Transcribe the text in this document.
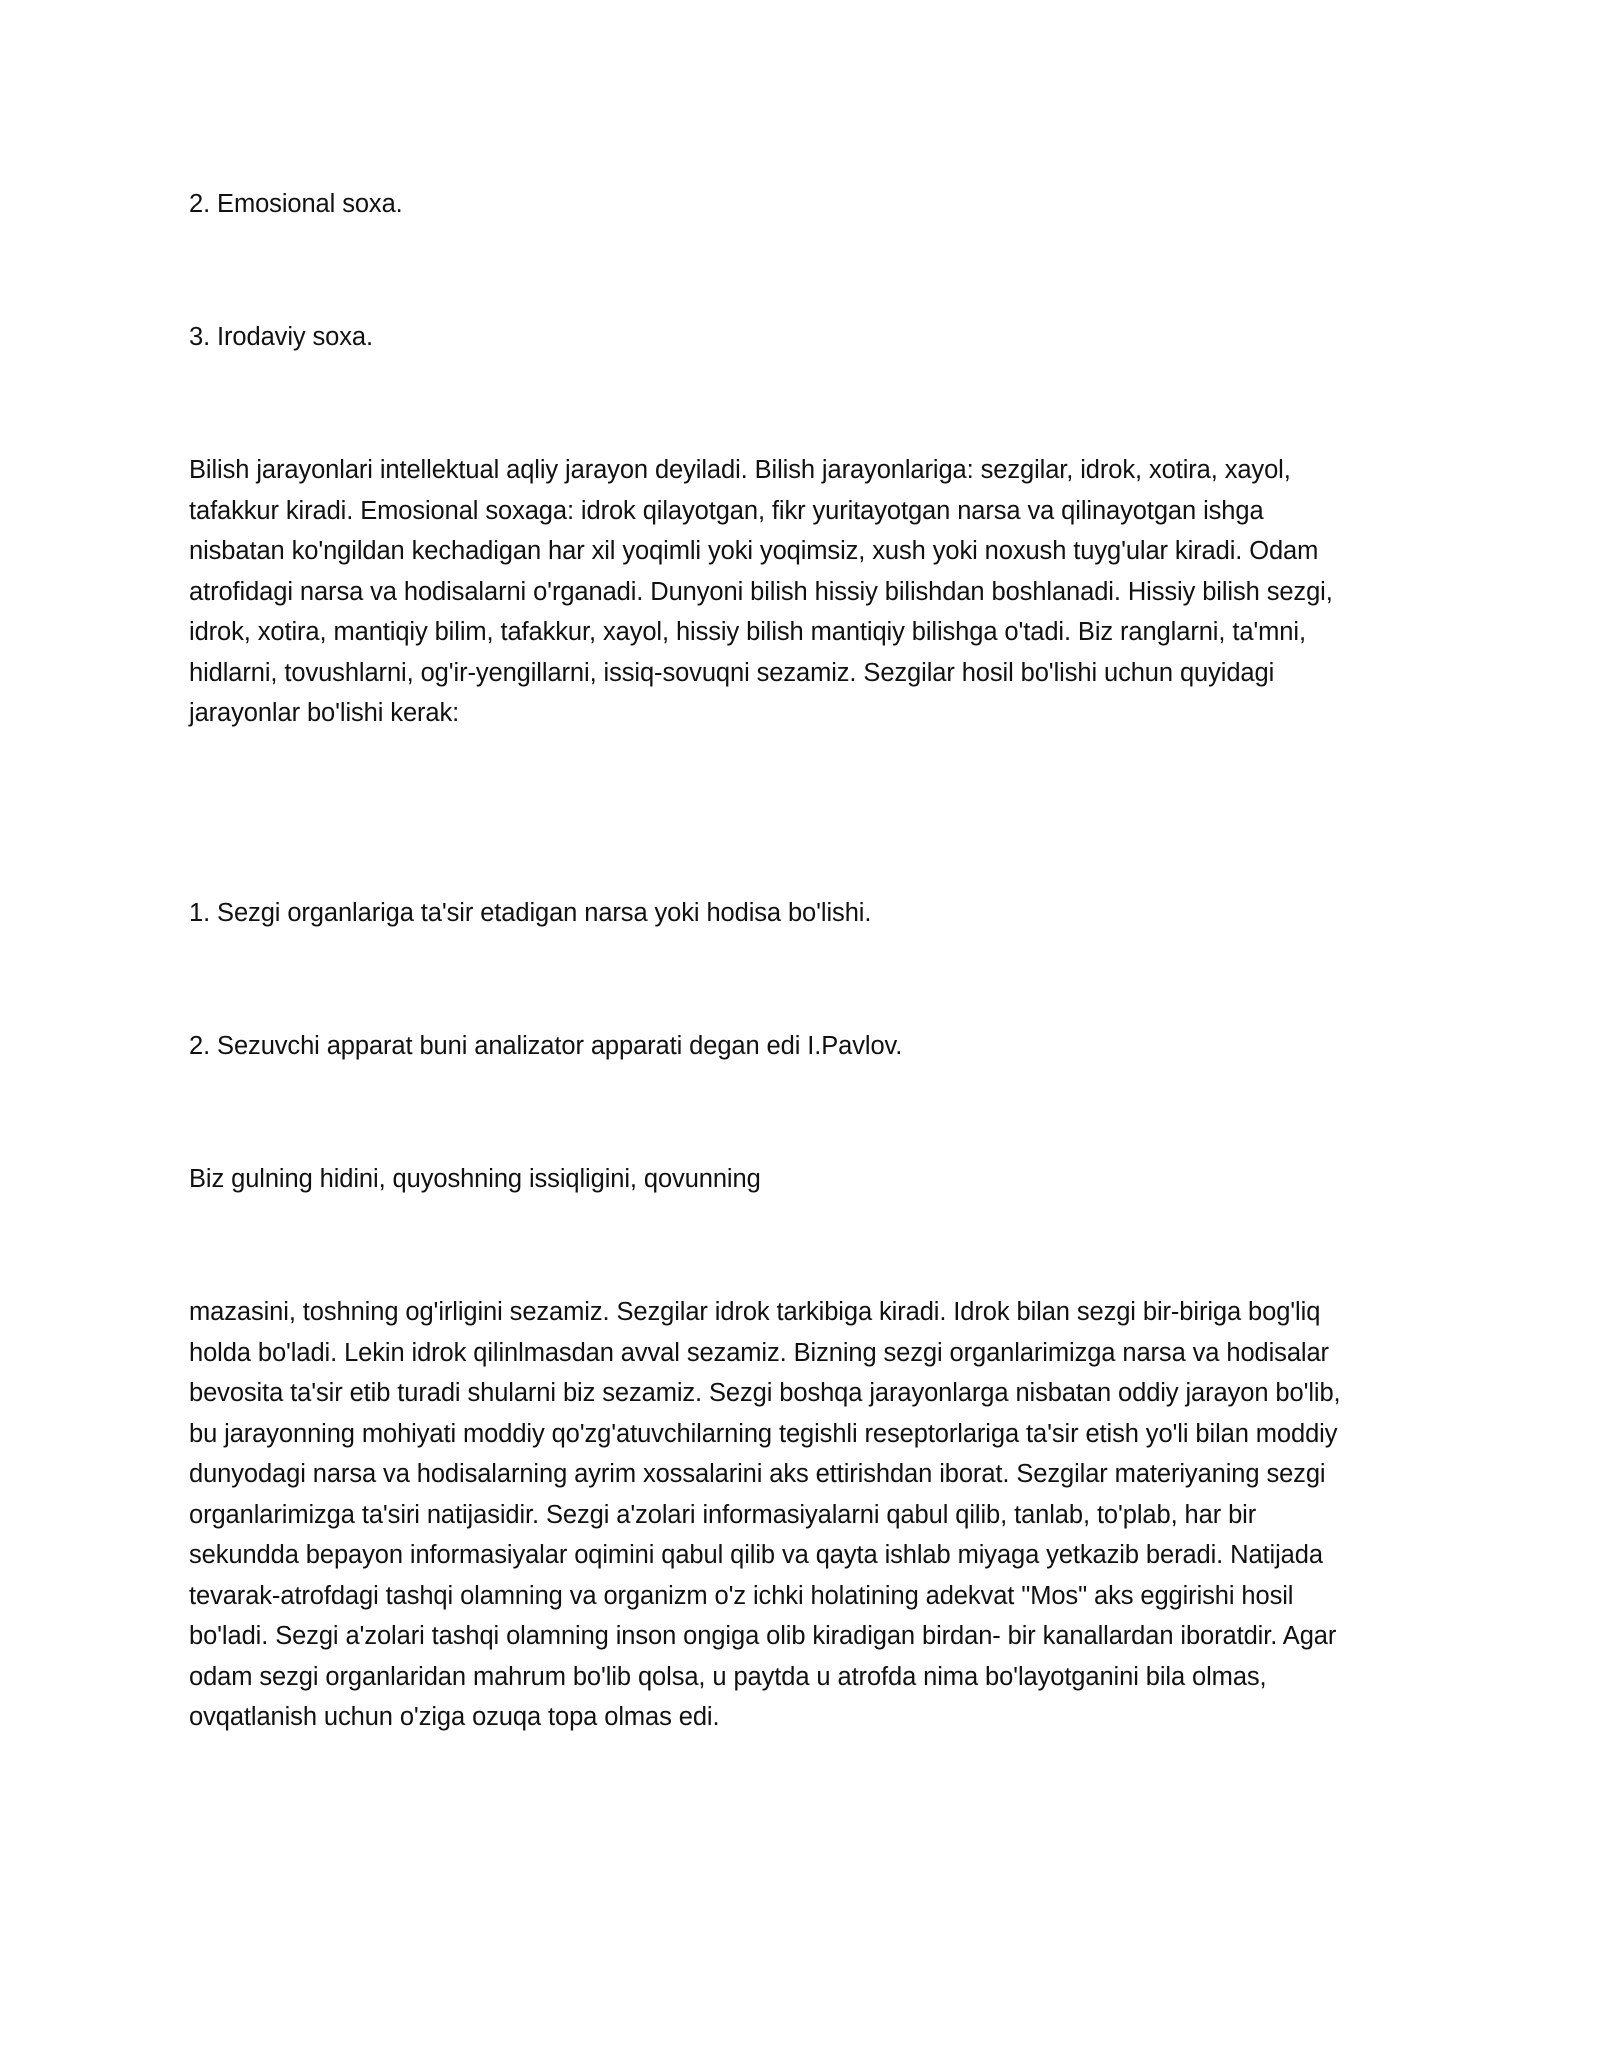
2. Emosional soxa.

3. Irodaviy soxa.

Bilish jarayonlari intellektual aqliy jarayon deyiladi. Bilish jarayonlariga: sezgilar, idrok, xotira, xayol,
tafakkur kiradi. Emosional soxaga: idrok qilayotgan, fikr yuritayotgan narsa va qilinayotgan ishga
nisbatan ko'ngildan kechadigan har xil yoqimli yoki yoqimsiz, xush yoki noxush tuyg'ular kiradi. Odam
atrofidagi narsa va hodisalarni o'rganadi. Dunyoni bilish hissiy bilishdan boshlanadi. Hissiy bilish sezgi,
idrok, xotira, mantiqiy bilim, tafakkur, xayol, hissiy bilish mantiqiy bilishga o'tadi. Biz ranglarni, ta'mni,
hidlarni, tovushlarni, og'ir-yengillarni, issiq-sovuqni sezamiz. Sezgilar hosil bo'lishi uchun quyidagi
jarayonlar bo'lishi kerak:

1. Sezgi organlariga ta'sir etadigan narsa yoki hodisa bo'lishi.

2. Sezuvchi apparat buni analizator apparati degan edi I.Pavlov.

Biz gulning hidini, quyoshning issiqligini, qovunning

mazasini, toshning og'irligini sezamiz. Sezgilar idrok tarkibiga kiradi. Idrok bilan sezgi bir-biriga bog'liq
holda bo'ladi. Lekin idrok qilinlmasdan avval sezamiz. Bizning sezgi organlarimizga narsa va hodisalar
bevosita ta'sir etib turadi shularni biz sezamiz. Sezgi boshqa jarayonlarga nisbatan oddiy jarayon bo'lib,
bu jarayonning mohiyati moddiy qo'zg'atuvchilarning tegishli reseptorlariga ta'sir etish yo'li bilan moddiy
dunyodagi narsa va hodisalarning ayrim xossalarini aks ettirishdan iborat. Sezgilar materiyaning sezgi
organlarimizga ta'siri natijasidir. Sezgi a'zolari informasiyalarni qabul qilib, tanlab, to'plab, har bir
sekundda bepayon informasiyalar oqimini qabul qilib va qayta ishlab miyaga yetkazib beradi. Natijada
tevarak-atrofdagi tashqi olamning va organizm o'z ichki holatining adekvat "Mos" aks eggirishi hosil
bo'ladi. Sezgi a'zolari tashqi olamning inson ongiga olib kiradigan birdan- bir kanallardan iboratdir. Agar
odam sezgi organlaridan mahrum bo'lib qolsa, u paytda u atrofda nima bo'layotganini bila olmas,
ovqatlanish uchun o'ziga ozuqa topa olmas edi.
